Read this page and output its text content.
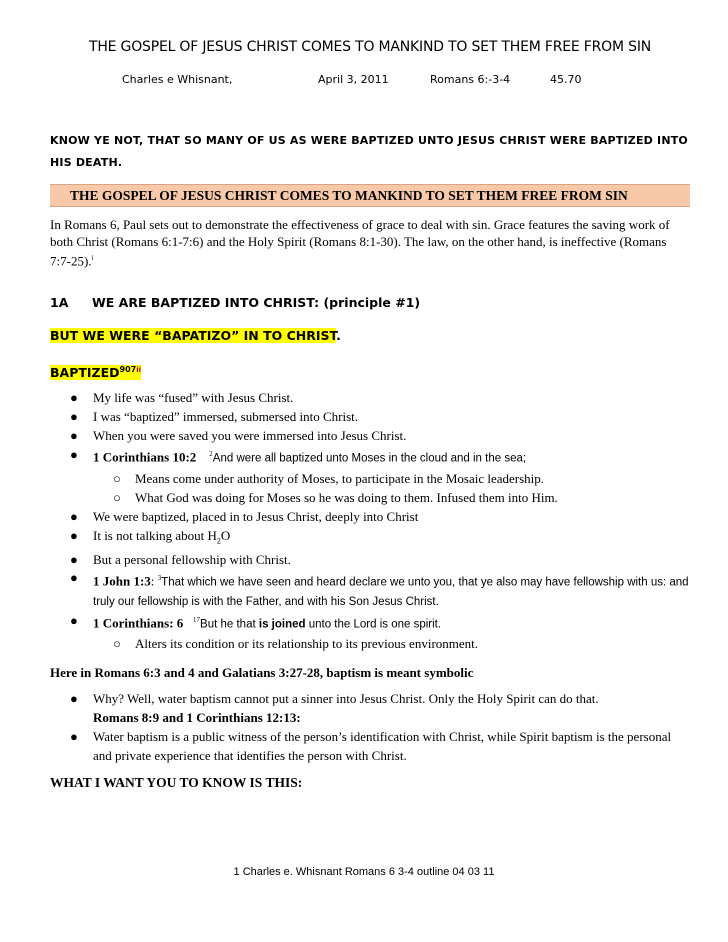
THE GOSPEL OF JESUS CHRIST COMES TO MANKIND TO SET THEM FREE FROM SIN
Charles e Whisnant,	April 3, 2011	Romans 6:-3-4	45.70
KNOW YE NOT, THAT SO MANY OF US AS WERE BAPTIZED UNTO JESUS CHRIST WERE BAPTIZED INTO HIS DEATH.
THE GOSPEL OF JESUS CHRIST COMES TO MANKIND TO SET THEM FREE FROM SIN
In Romans 6, Paul sets out to demonstrate the effectiveness of grace to deal with sin. Grace features the saving work of both Christ (Romans 6:1-7:6) and the Holy Spirit (Romans 8:1-30). The law, on the other hand, is ineffective (Romans 7:7-25).$^i$
1A	WE ARE BAPTIZED INTO CHRIST: (principle #1)
BUT WE WERE “BAPATIZO” IN TO CHRIST.
$BAPTIZED^{907ii}$
● My life was “fused” with Jesus Christ.
● I was “baptized” immersed, submersed into Christ.
● When you were saved you were immersed into Jesus Christ.
● 1 Corinthians 10:2 $^2$And were all baptized unto Moses in the cloud and in the sea;
○ Means come under authority of Moses, to participate in the Mosaic leadership.
○ What God was doing for Moses so he was doing to them. Infused them into Him.
● We were baptized, placed in to Jesus Christ, deeply into Christ
● It is not talking about $H_2O$
● But a personal fellowship with Christ.
● 1 John 1:3: $^3$That which we have seen and heard declare we unto you, that ye also may have fellowship with us: and truly our fellowship is with the Father, and with his Son Jesus Christ.
● 1 Corinthians: 6 $^{17}$But he that is joined unto the Lord is one spirit.
○ Alters its condition or its relationship to its previous environment.
Here in Romans 6:3 and 4 and Galatians 3:27-28, baptism is meant symbolic
● Why? Well, water baptism cannot put a sinner into Jesus Christ. Only the Holy Spirit can do that.
Romans 8:9 and 1 Corinthians 12:13:
● Water baptism is a public witness of the person’s identification with Christ, while Spirit baptism is the personal and private experience that identifies the person with Christ.
WHAT I WANT YOU TO KNOW IS THIS:
1 Charles e. Whisnant Romans 6 3-4 outline 04 03 11
